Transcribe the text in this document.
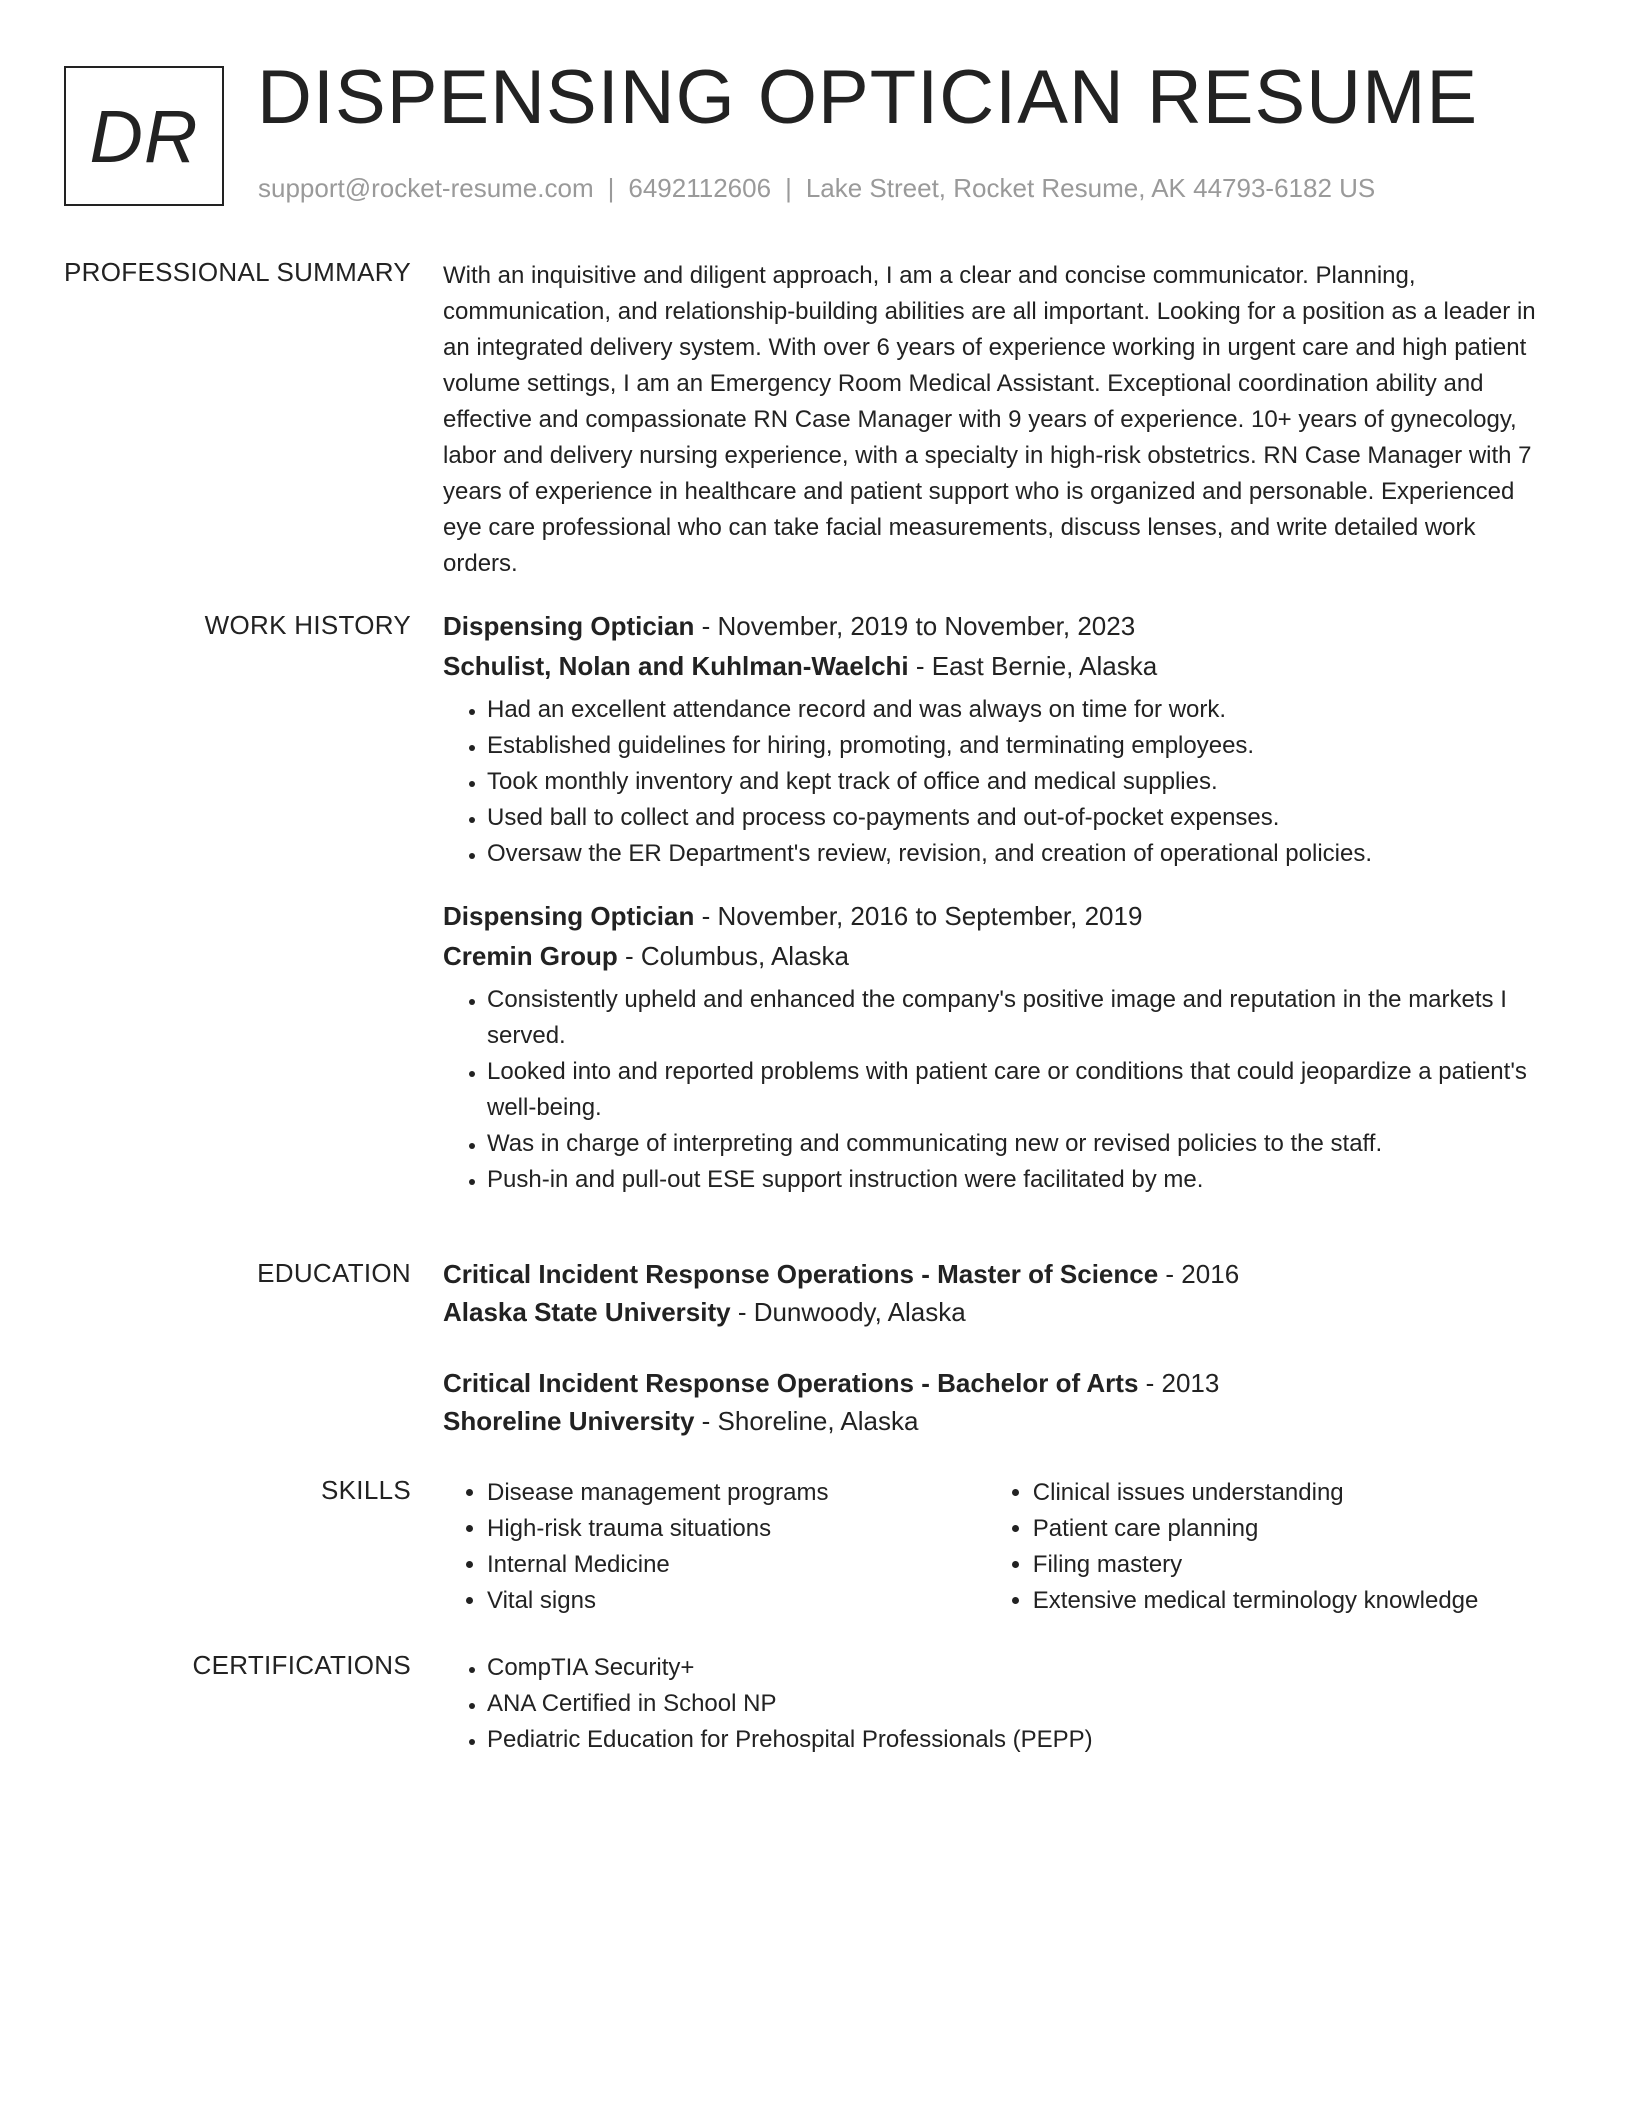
DR DISPENSING OPTICIAN RESUME
support@rocket-resume.com | 6492112606 | Lake Street, Rocket Resume, AK 44793-6182 US
PROFESSIONAL SUMMARY With an inquisitive and diligent approach, I am a clear and concise communicator. Planning, communication, and relationship-building abilities are all important. Looking for a position as a leader in an integrated delivery system. With over 6 years of experience working in urgent care and high patient volume settings, I am an Emergency Room Medical Assistant. Exceptional coordination ability and effective and compassionate RN Case Manager with 9 years of experience. 10+ years of gynecology, labor and delivery nursing experience, with a specialty in high-risk obstetrics. RN Case Manager with 7 years of experience in healthcare and patient support who is organized and personable. Experienced eye care professional who can take facial measurements, discuss lenses, and write detailed work orders.

WORK HISTORY Dispensing Optician - November, 2019 to November, 2023
Schulist, Nolan and Kuhlman-Waelchi - East Bernie, Alaska
• Had an excellent attendance record and was always on time for work.
• Established guidelines for hiring, promoting, and terminating employees.
• Took monthly inventory and kept track of office and medical supplies.
• Used ball to collect and process co-payments and out-of-pocket expenses.
• Oversaw the ER Department's review, revision, and creation of operational policies.
Dispensing Optician - November, 2016 to September, 2019
Cremin Group - Columbus, Alaska
• Consistently upheld and enhanced the company's positive image and reputation in the markets I served.
• Looked into and reported problems with patient care or conditions that could jeopardize a patient's well-being.
• Was in charge of interpreting and communicating new or revised policies to the staff.
• Push-in and pull-out ESE support instruction were facilitated by me.
EDUCATION Critical Incident Response Operations - Master of Science - 2016
Alaska State University - Dunwoody, Alaska
Critical Incident Response Operations - Bachelor of Arts - 2013
Shoreline University - Shoreline, Alaska
SKILLS	• Disease management programs
• High-risk trauma situations
• Internal Medicine
• Vital signs
• Clinical issues understanding
• Patient care planning
• Filing mastery
• Extensive medical terminology knowledge
CERTIFICATIONS	• CompTIA Security+
• ANA Certified in School NP
• Pediatric Education for Prehospital Professionals (PEPP)
